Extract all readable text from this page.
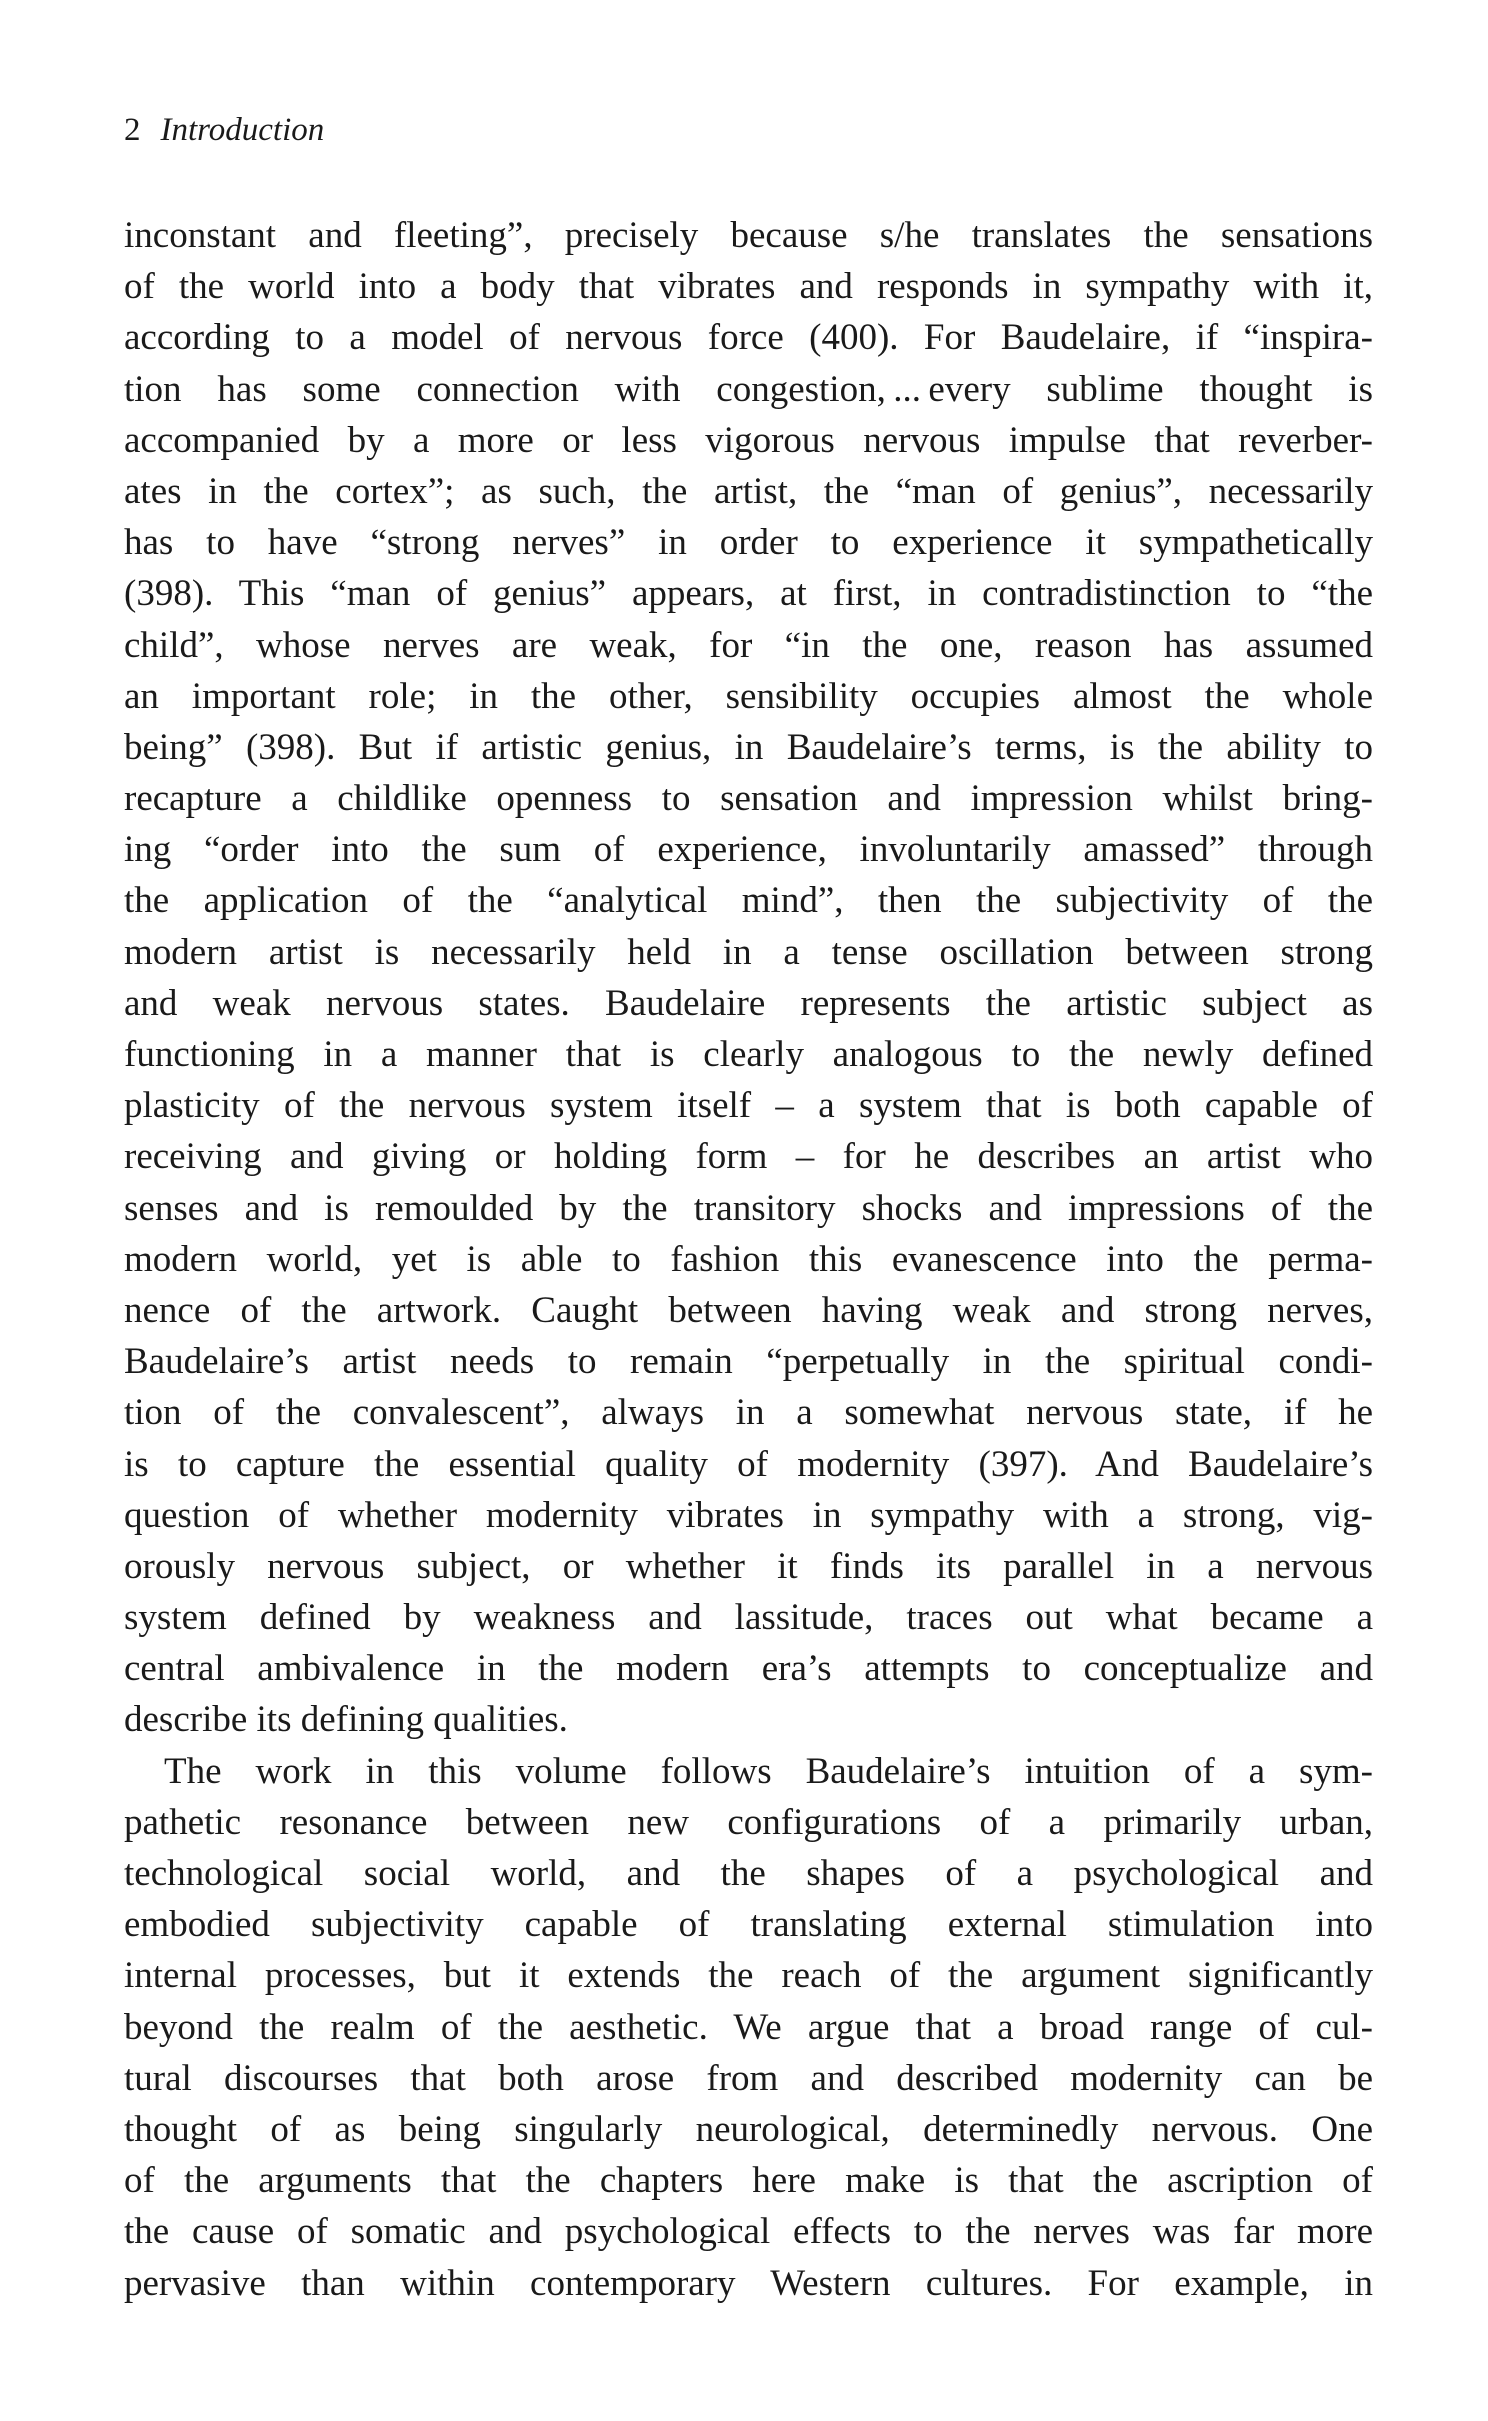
2 Introduction
inconstant and fleeting”, precisely because s/he translates the sensations
of the world into a body that vibrates and responds in sympathy with it,
according to a model of nervous force (400). For Baudelaire, if “inspira-
tion has some connection with congestion, ... every sublime thought is
accompanied by a more or less vigorous nervous impulse that reverber-
ates in the cortex”; as such, the artist, the “man of genius”, necessarily
has to have “strong nerves” in order to experience it sympathetically
(398). This “man of genius” appears, at first, in contradistinction to “the
child”, whose nerves are weak, for “in the one, reason has assumed
an important role; in the other, sensibility occupies almost the whole
being” (398). But if artistic genius, in Baudelaire’s terms, is the ability to
recapture a childlike openness to sensation and impression whilst bring-
ing “order into the sum of experience, involuntarily amassed” through
the application of the “analytical mind”, then the subjectivity of the
modern artist is necessarily held in a tense oscillation between strong
and weak nervous states. Baudelaire represents the artistic subject as
functioning in a manner that is clearly analogous to the newly defined
plasticity of the nervous system itself – a system that is both capable of
receiving and giving or holding form – for he describes an artist who
senses and is remoulded by the transitory shocks and impressions of the
modern world, yet is able to fashion this evanescence into the perma-
nence of the artwork. Caught between having weak and strong nerves,
Baudelaire’s artist needs to remain “perpetually in the spiritual condi-
tion of the convalescent”, always in a somewhat nervous state, if he
is to capture the essential quality of modernity (397). And Baudelaire’s
question of whether modernity vibrates in sympathy with a strong, vig-
orously nervous subject, or whether it finds its parallel in a nervous
system defined by weakness and lassitude, traces out what became a
central ambivalence in the modern era’s attempts to conceptualize and
describe its defining qualities.
The work in this volume follows Baudelaire’s intuition of a sym-
pathetic resonance between new configurations of a primarily urban,
technological social world, and the shapes of a psychological and
embodied subjectivity capable of translating external stimulation into
internal processes, but it extends the reach of the argument significantly
beyond the realm of the aesthetic. We argue that a broad range of cul-
tural discourses that both arose from and described modernity can be
thought of as being singularly neurological, determinedly nervous. One
of the arguments that the chapters here make is that the ascription of
the cause of somatic and psychological effects to the nerves was far more
pervasive than within contemporary Western cultures. For example, in
